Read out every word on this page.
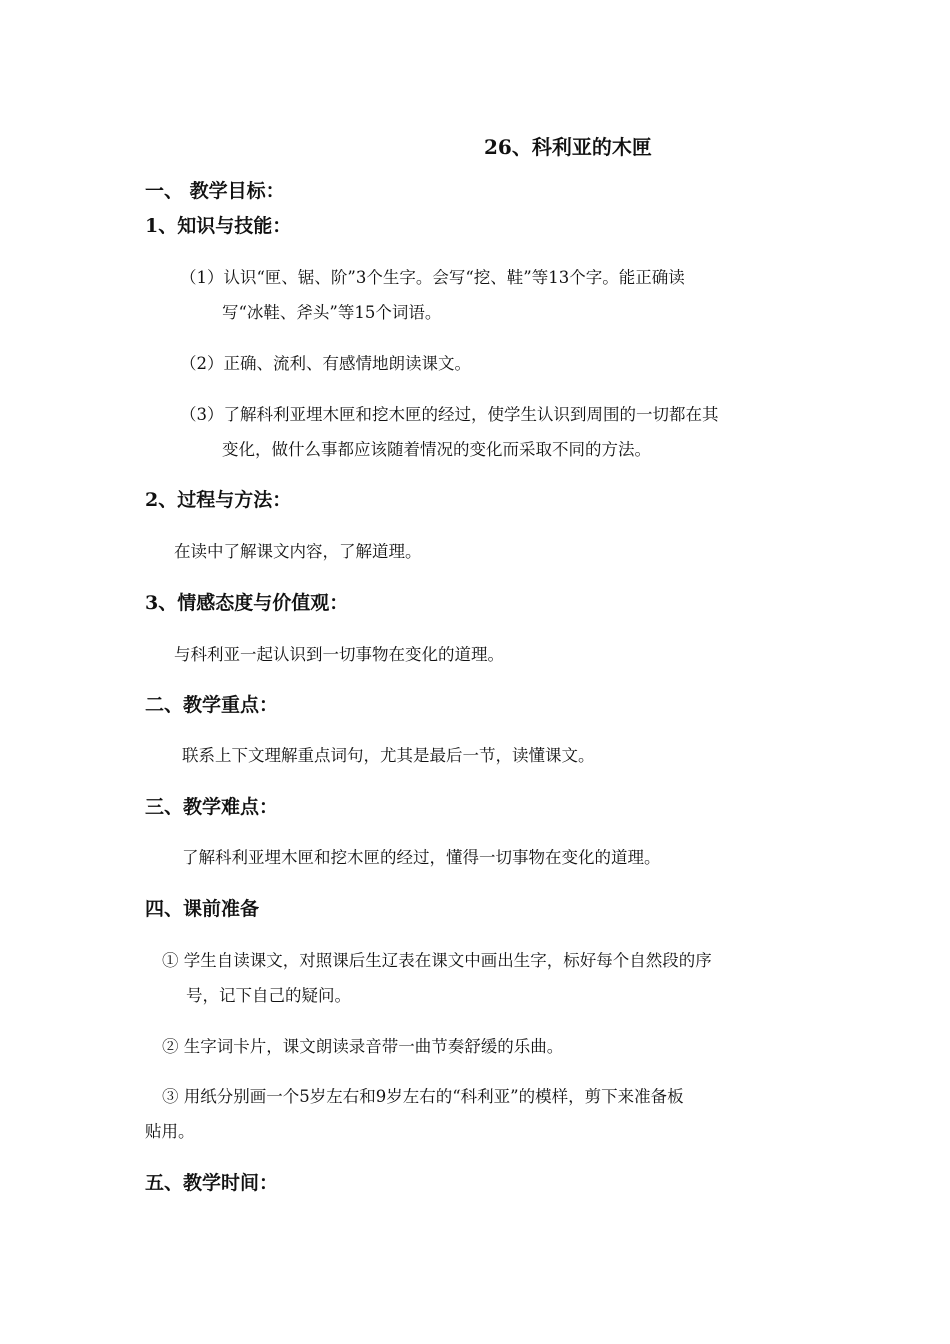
26、科利亚的木匣
一、 教学目标：
1、知识与技能：
（1）认识“匣、锯、阶”3个生字。会写“挖、鞋”等13个字。能正确读
写“冰鞋、斧头”等15个词语。
（2）正确、流利、有感情地朗读课文。
（3）了解科利亚埋木匣和挖木匣的经过，使学生认识到周围的一切都在其
变化，做什么事都应该随着情况的变化而采取不同的方法。
2、过程与方法：
在读中了解课文内容，了解道理。
3、情感态度与价值观：
与科利亚一起认识到一切事物在变化的道理。
二、教学重点：
联系上下文理解重点词句，尤其是最后一节，读懂课文。
三、教学难点：
了解科利亚埋木匣和挖木匣的经过，懂得一切事物在变化的道理。
四、课前准备
① 学生自读课文，对照课后生辽表在课文中画出生字，标好每个自然段的序
号，记下自己的疑问。
② 生字词卡片，课文朗读录音带一曲节奏舒缓的乐曲。
③ 用纸分别画一个5岁左右和9岁左右的“科利亚”的模样，剪下来准备板
贴用。
五、教学时间：
